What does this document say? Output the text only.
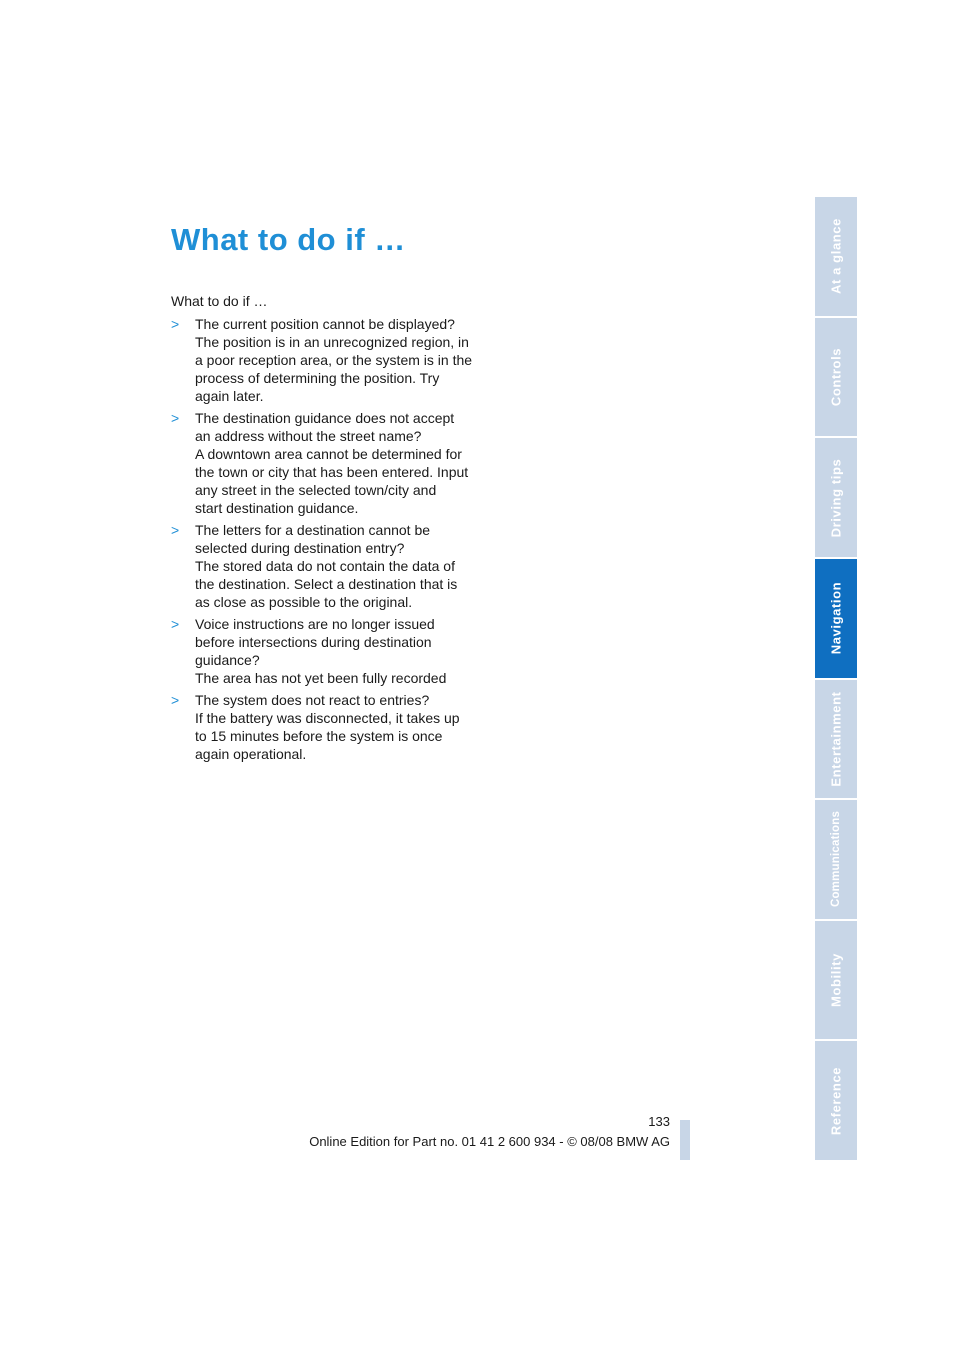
What to do if …

What to do if …

>	The current position cannot be displayed?
The position is in an unrecognized region, in
a poor reception area, or the system is in the
process of determining the position. Try
again later.
>	The destination guidance does not accept
an address without the street name?
A downtown area cannot be determined for
the town or city that has been entered. Input
any street in the selected town/city and
start destination guidance.
>	The letters for a destination cannot be
selected during destination entry?
The stored data do not contain the data of
the destination. Select a destination that is
as close as possible to the original.
>	Voice instructions are no longer issued
before intersections during destination
guidance?
The area has not yet been fully recorded
>	The system does not react to entries?
If the battery was disconnected, it takes up
to 15 minutes before the system is once
again operational.
At a glance
Controls
Driving tips
Navigation
Entertainment
Communications
Mobility
Reference
133
Online Edition for Part no. 01 41 2 600 934 - © 08/08 BMW AG
